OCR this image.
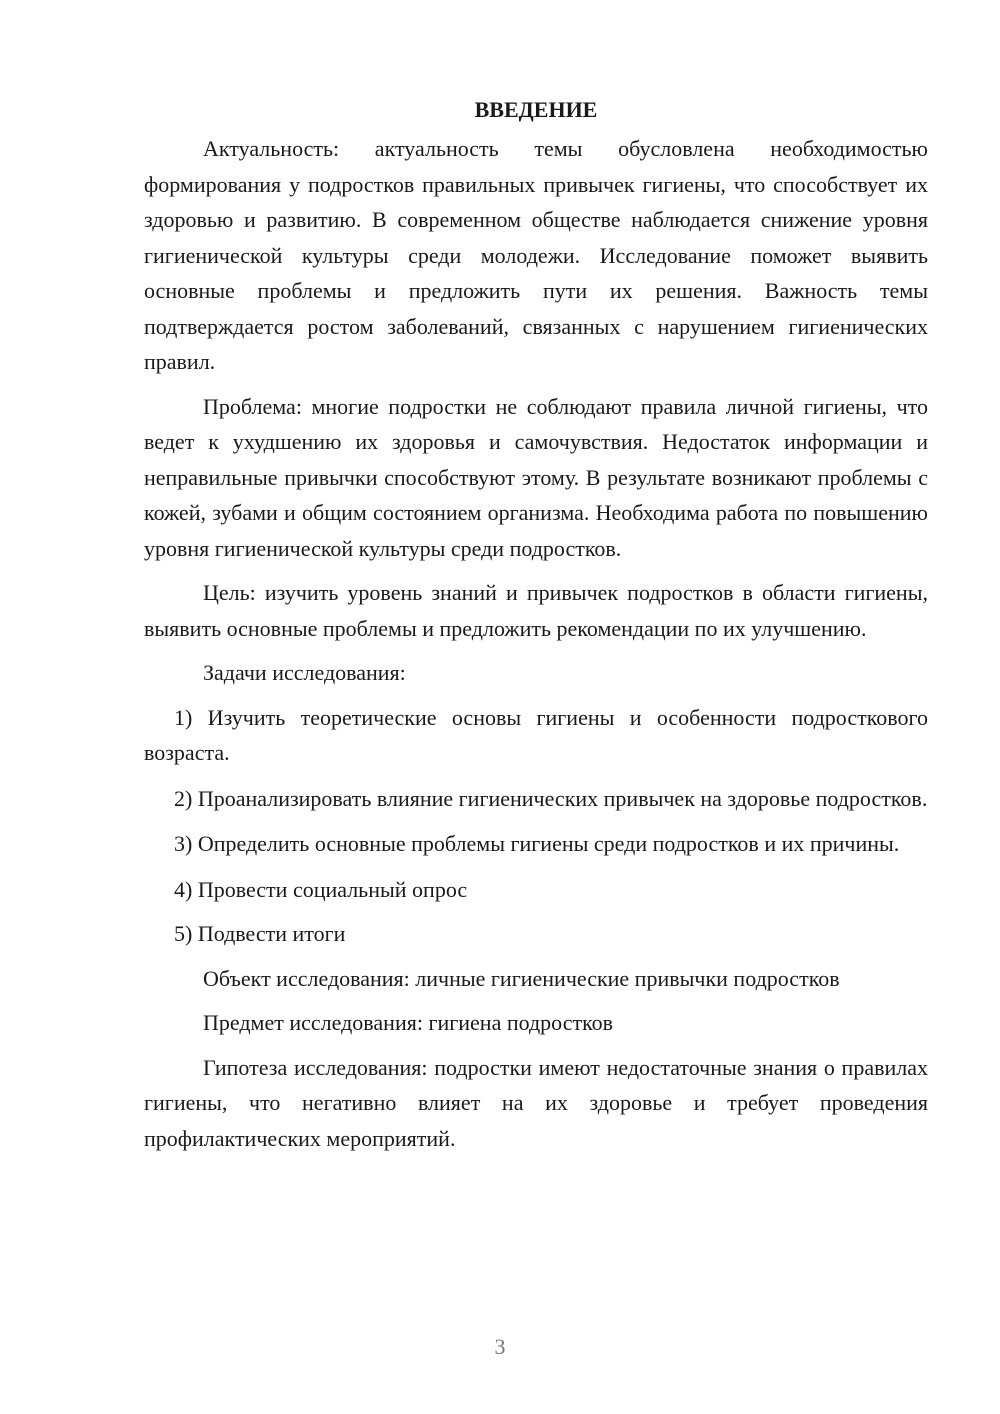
ВВЕДЕНИЕ

Актуальность: актуальность темы обусловлена необходимостью формирования у подростков правильных привычек гигиены, что способствует их здоровью и развитию. В современном обществе наблюдается снижение уровня гигиенической культуры среди молодежи. Исследование поможет выявить основные проблемы и предложить пути их решения. Важность темы подтверждается ростом заболеваний, связанных с нарушением гигиенических правил.

Проблема: многие подростки не соблюдают правила личной гигиены, что ведет к ухудшению их здоровья и самочувствия. Недостаток информации и неправильные привычки способствуют этому. В результате возникают проблемы с кожей, зубами и общим состоянием организма. Необходима работа по повышению уровня гигиенической культуры среди подростков.

Цель: изучить уровень знаний и привычек подростков в области гигиены, выявить основные проблемы и предложить рекомендации по их улучшению.

Задачи исследования:

1) Изучить теоретические основы гигиены и особенности подросткового возраста.

2) Проанализировать влияние гигиенических привычек на здоровье подростков.

3) Определить основные проблемы гигиены среди подростков и их причины.

4) Провести социальный опрос

5) Подвести итоги

Объект исследования: личные гигиенические привычки подростков

Предмет исследования: гигиена подростков

Гипотеза исследования: подростки имеют недостаточные знания о правилах гигиены, что негативно влияет на их здоровье и требует проведения профилактических мероприятий.

3
